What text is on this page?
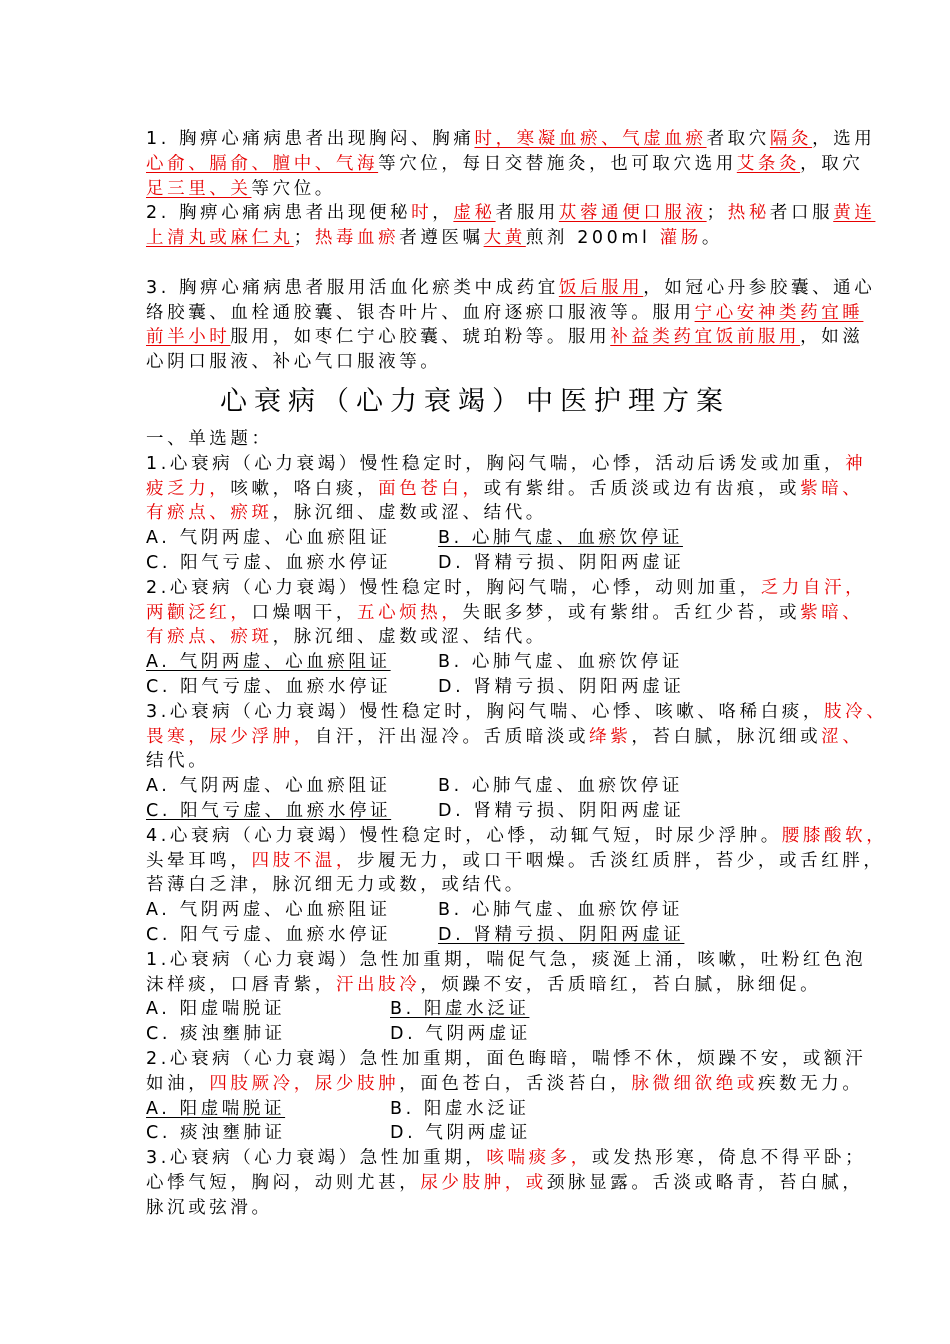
1. 胸痹心痛病患者出现胸闷、胸痛时，寒凝血瘀、气虚血瘀者取穴隔灸，选用
心俞、膈俞、膻中、气海等穴位，每日交替施灸，也可取穴选用艾条灸，取穴
足三里、关等穴位。
2. 胸痹心痛病患者出现便秘时，虚秘者服用苁蓉通便口服液；热秘者口服黄连
上清丸或麻仁丸；热毒血瘀者遵医嘱大黄煎剂 200ml 灌肠。
3. 胸痹心痛病患者服用活血化瘀类中成药宜饭后服用，如冠心丹参胶囊、通心
络胶囊、血栓通胶囊、银杏叶片、血府逐瘀口服液等。服用宁心安神类药宜睡
前半小时服用，如枣仁宁心胶囊、琥珀粉等。服用补益类药宜饭前服用，如滋
心阴口服液、补心气口服液等。
心衰病（心力衰竭）中医护理方案
一、单选题：
1.心衰病（心力衰竭）慢性稳定时，胸闷气喘，心悸，活动后诱发或加重，神
疲乏力，咳嗽，咯白痰，面色苍白，或有紫绀。舌质淡或边有齿痕，或紫暗、
有瘀点、瘀斑，脉沉细、虚数或涩、结代。
A. 气阴两虚、心血瘀阻证	B. 心肺气虚、血瘀饮停证
C. 阳气亏虚、血瘀水停证	D. 肾精亏损、阴阳两虚证
2.心衰病（心力衰竭）慢性稳定时，胸闷气喘，心悸，动则加重，乏力自汗，
两颧泛红，口燥咽干，五心烦热，失眠多梦，或有紫绀。舌红少苔，或紫暗、
有瘀点、瘀斑，脉沉细、虚数或涩、结代。
A. 气阴两虚、心血瘀阻证	B. 心肺气虚、血瘀饮停证
C. 阳气亏虚、血瘀水停证	D. 肾精亏损、阴阳两虚证
3.心衰病（心力衰竭）慢性稳定时，胸闷气喘、心悸、咳嗽、咯稀白痰，肢冷、
畏寒，尿少浮肿，自汗，汗出湿冷。舌质暗淡或绛紫，苔白腻，脉沉细或涩、
结代。
A. 气阴两虚、心血瘀阻证	B. 心肺气虚、血瘀饮停证
C. 阳气亏虚、血瘀水停证	D. 肾精亏损、阴阳两虚证
4.心衰病（心力衰竭）慢性稳定时，心悸，动辄气短，时尿少浮肿。腰膝酸软，
头晕耳鸣，四肢不温，步履无力，或口干咽燥。舌淡红质胖，苔少，或舌红胖，
苔薄白乏津，脉沉细无力或数，或结代。
A. 气阴两虚、心血瘀阻证	B. 心肺气虚、血瘀饮停证
C. 阳气亏虚、血瘀水停证	D. 肾精亏损、阴阳两虚证
1.心衰病（心力衰竭）急性加重期，喘促气急，痰涎上涌，咳嗽，吐粉红色泡
沫样痰，口唇青紫，汗出肢冷，烦躁不安，舌质暗红，苔白腻，脉细促。
A. 阳虚喘脱证	B. 阳虚水泛证
C. 痰浊壅肺证	D. 气阴两虚证
2.心衰病（心力衰竭）急性加重期，面色晦暗，喘悸不休，烦躁不安，或额汗
如油，四肢厥冷，尿少肢肿，面色苍白，舌淡苔白，脉微细欲绝或疾数无力。
A. 阳虚喘脱证	B. 阳虚水泛证
C. 痰浊壅肺证	D. 气阴两虚证
3.心衰病（心力衰竭）急性加重期，咳喘痰多，或发热形寒，倚息不得平卧；
心悸气短，胸闷，动则尤甚，尿少肢肿，或颈脉显露。舌淡或略青，苔白腻，
脉沉或弦滑。
